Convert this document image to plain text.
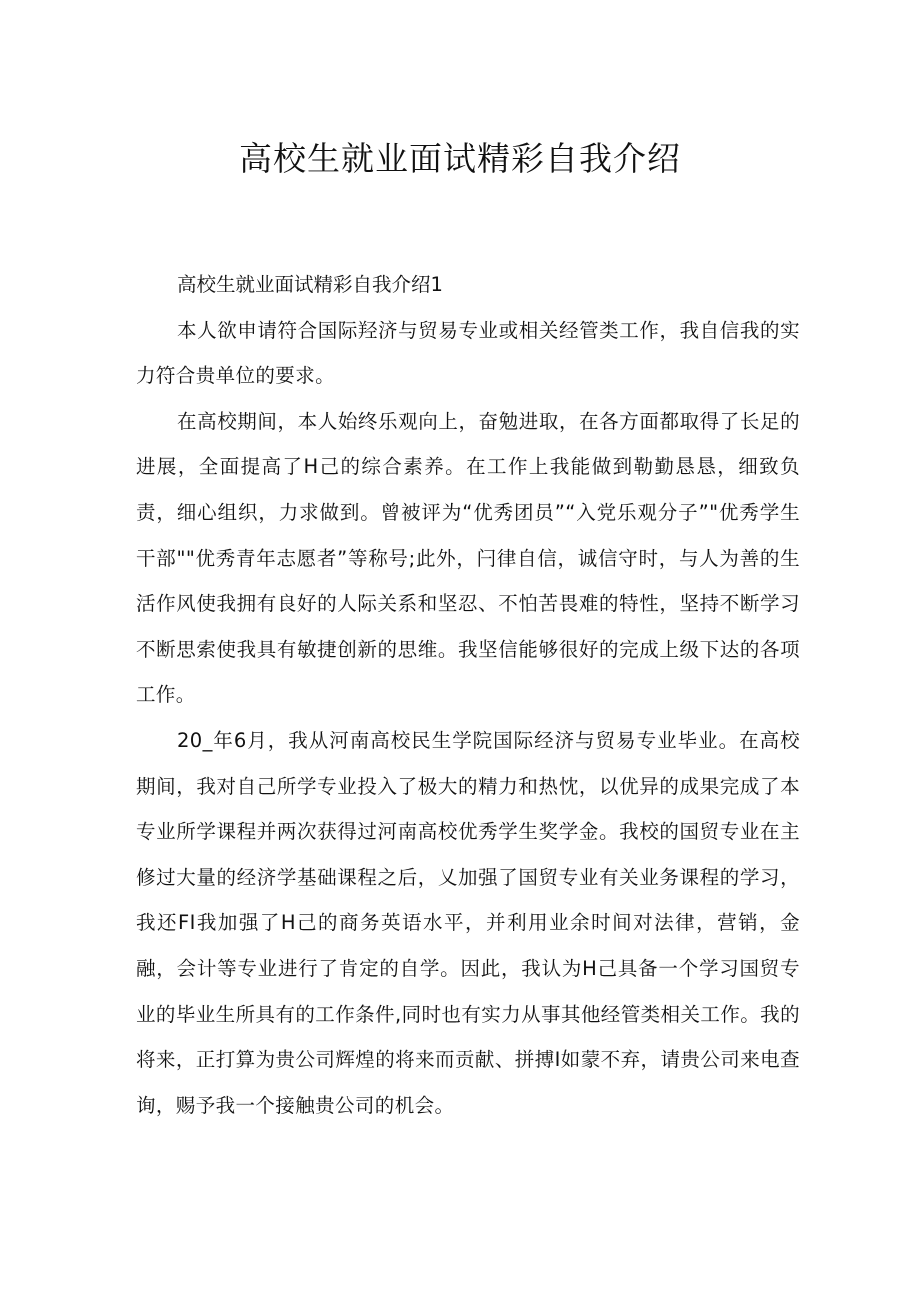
高校生就业面试精彩自我介绍

高校生就业面试精彩自我介绍1

本人欲申请符合国际羟济与贸易专业或相关经管类工作，我自信我的实力符合贵单位的要求。

在高校期间，本人始终乐观向上，奋勉进取，在各方面都取得了长足的进展，全面提高了H己的综合素养。在工作上我能做到勒勤恳恳，细致负责，细心组织，力求做到。曾被评为“优秀团员”“入党乐观分子”"优秀学生干部""优秀青年志愿者”等称号;此外，闩律自信，诚信守时，与人为善的生活作风使我拥有良好的人际关系和坚忍、不怕苦畏难的特性，坚持不断学习不断思索使我具有敏捷创新的思维。我坚信能够很好的完成上级下达的各项工作。

20_年6月，我从河南高校民生学院国际经济与贸易专业毕业。在高校期间，我对自己所学专业投入了极大的精力和热忱，以优异的成果完成了本专业所学课程并两次获得过河南高校优秀学生奖学金。我校的国贸专业在主修过大量的经济学基础课程之后，乂加强了国贸专业有关业务课程的学习，我还FI我加强了H己的商务英语水平，并利用业余时间对法律，营销，金融，会计等专业进行了肯定的自学。因此，我认为H己具备一个学习国贸专业的毕业生所具有的工作条件,同时也有实力从事其他经管类相关工作。我的将来，正打算为贵公司辉煌的将来而贡献、拼搏I如蒙不弃，请贵公司来电查询，赐予我一个接触贵公司的机会。
